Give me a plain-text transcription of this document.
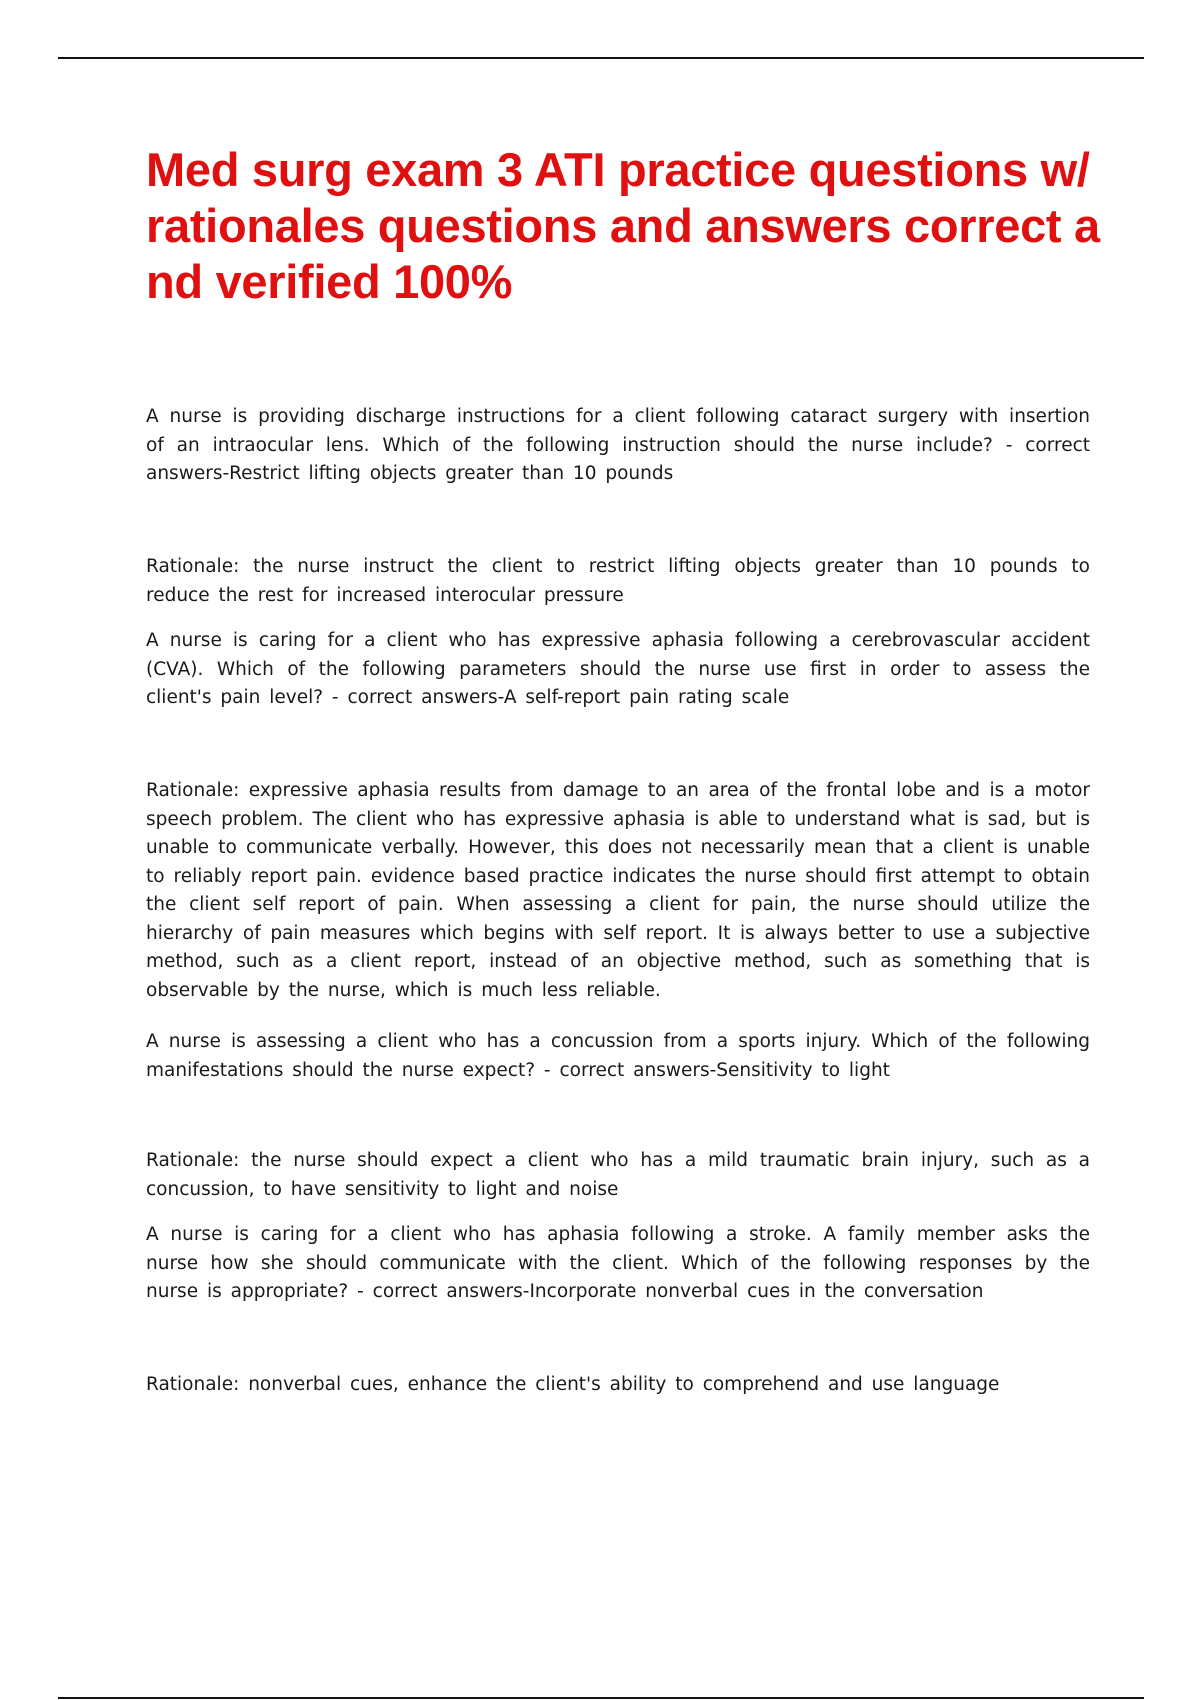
Med surg exam 3 ATI practice questions w/ rationales questions and answers correct and verified 100%

A nurse is providing discharge instructions for a client following cataract surgery with insertion of an intraocular lens. Which of the following instruction should the nurse include? - correct answers-Restrict lifting objects greater than 10 pounds

Rationale: the nurse instruct the client to restrict lifting objects greater than 10 pounds to reduce the rest for increased interocular pressure

A nurse is caring for a client who has expressive aphasia following a cerebrovascular accident (CVA). Which of the following parameters should the nurse use first in order to assess the client's pain level? - correct answers-A self-report pain rating scale

Rationale: expressive aphasia results from damage to an area of the frontal lobe and is a motor speech problem. The client who has expressive aphasia is able to understand what is sad, but is unable to communicate verbally. However, this does not necessarily mean that a client is unable to reliably report pain. evidence based practice indicates the nurse should first attempt to obtain the client self report of pain. When assessing a client for pain, the nurse should utilize the hierarchy of pain measures which begins with self report. It is always better to use a subjective method, such as a client report, instead of an objective method, such as something that is observable by the nurse, which is much less reliable.

A nurse is assessing a client who has a concussion from a sports injury. Which of the following manifestations should the nurse expect? - correct answers-Sensitivity to light

Rationale: the nurse should expect a client who has a mild traumatic brain injury, such as a concussion, to have sensitivity to light and noise

A nurse is caring for a client who has aphasia following a stroke. A family member asks the nurse how she should communicate with the client. Which of the following responses by the nurse is appropriate? - correct answers-Incorporate nonverbal cues in the conversation

Rationale: nonverbal cues, enhance the client's ability to comprehend and use language
